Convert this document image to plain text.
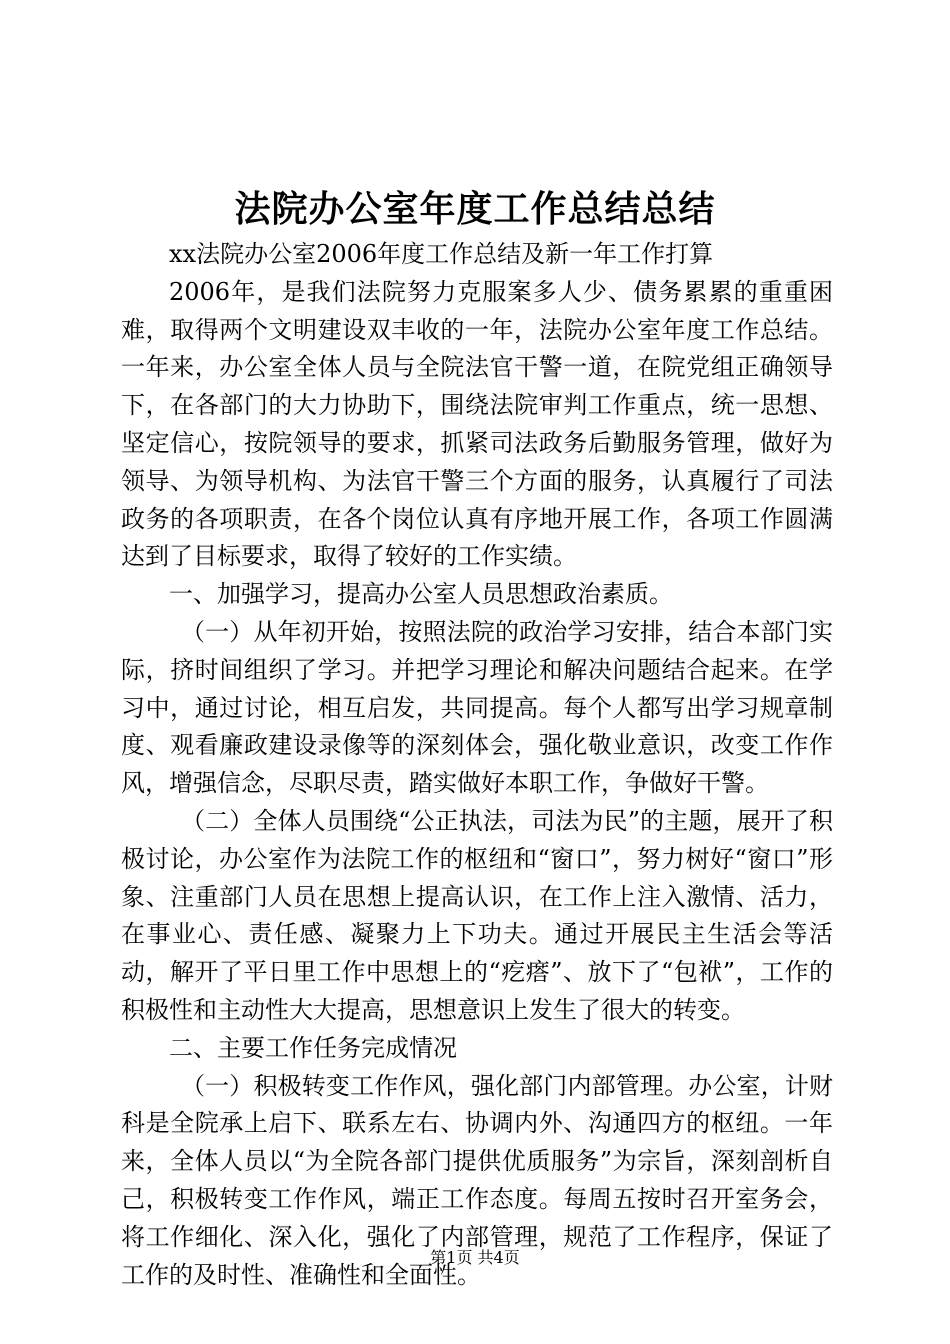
法院办公室年度工作总结总结

xx法院办公室2006年度工作总结及新一年工作打算

2006年，是我们法院努力克服案多人少、债务累累的重重困难，取得两个文明建设双丰收的一年，法院办公室年度工作总结。一年来，办公室全体人员与全院法官干警一道，在院党组正确领导下，在各部门的大力协助下，围绕法院审判工作重点，统一思想、坚定信心，按院领导的要求，抓紧司法政务后勤服务管理，做好为领导、为领导机构、为法官干警三个方面的服务，认真履行了司法政务的各项职责，在各个岗位认真有序地开展工作，各项工作圆满达到了目标要求，取得了较好的工作实绩。

一、加强学习，提高办公室人员思想政治素质。

（一）从年初开始，按照法院的政治学习安排，结合本部门实际，挤时间组织了学习。并把学习理论和解决问题结合起来。在学习中，通过讨论，相互启发，共同提高。每个人都写出学习规章制度、观看廉政建设录像等的深刻体会，强化敬业意识，改变工作作风，增强信念，尽职尽责，踏实做好本职工作，争做好干警。

（二）全体人员围绕“公正执法，司法为民”的主题，展开了积极讨论，办公室作为法院工作的枢纽和“窗口”，努力树好“窗口”形象、注重部门人员在思想上提高认识，在工作上注入激情、活力，在事业心、责任感、凝聚力上下功夫。通过开展民主生活会等活动，解开了平日里工作中思想上的“疙瘩”、放下了“包袱”，工作的积极性和主动性大大提高，思想意识上发生了很大的转变。

二、主要工作任务完成情况

（一）积极转变工作作风，强化部门内部管理。办公室，计财科是全院承上启下、联系左右、协调内外、沟通四方的枢纽。一年来，全体人员以“为全院各部门提供优质服务”为宗旨，深刻剖析自己，积极转变工作作风，端正工作态度。每周五按时召开室务会，将工作细化、深入化，强化了内部管理，规范了工作程序，保证了工作的及时性、准确性和全面性。

第1页 共4页
